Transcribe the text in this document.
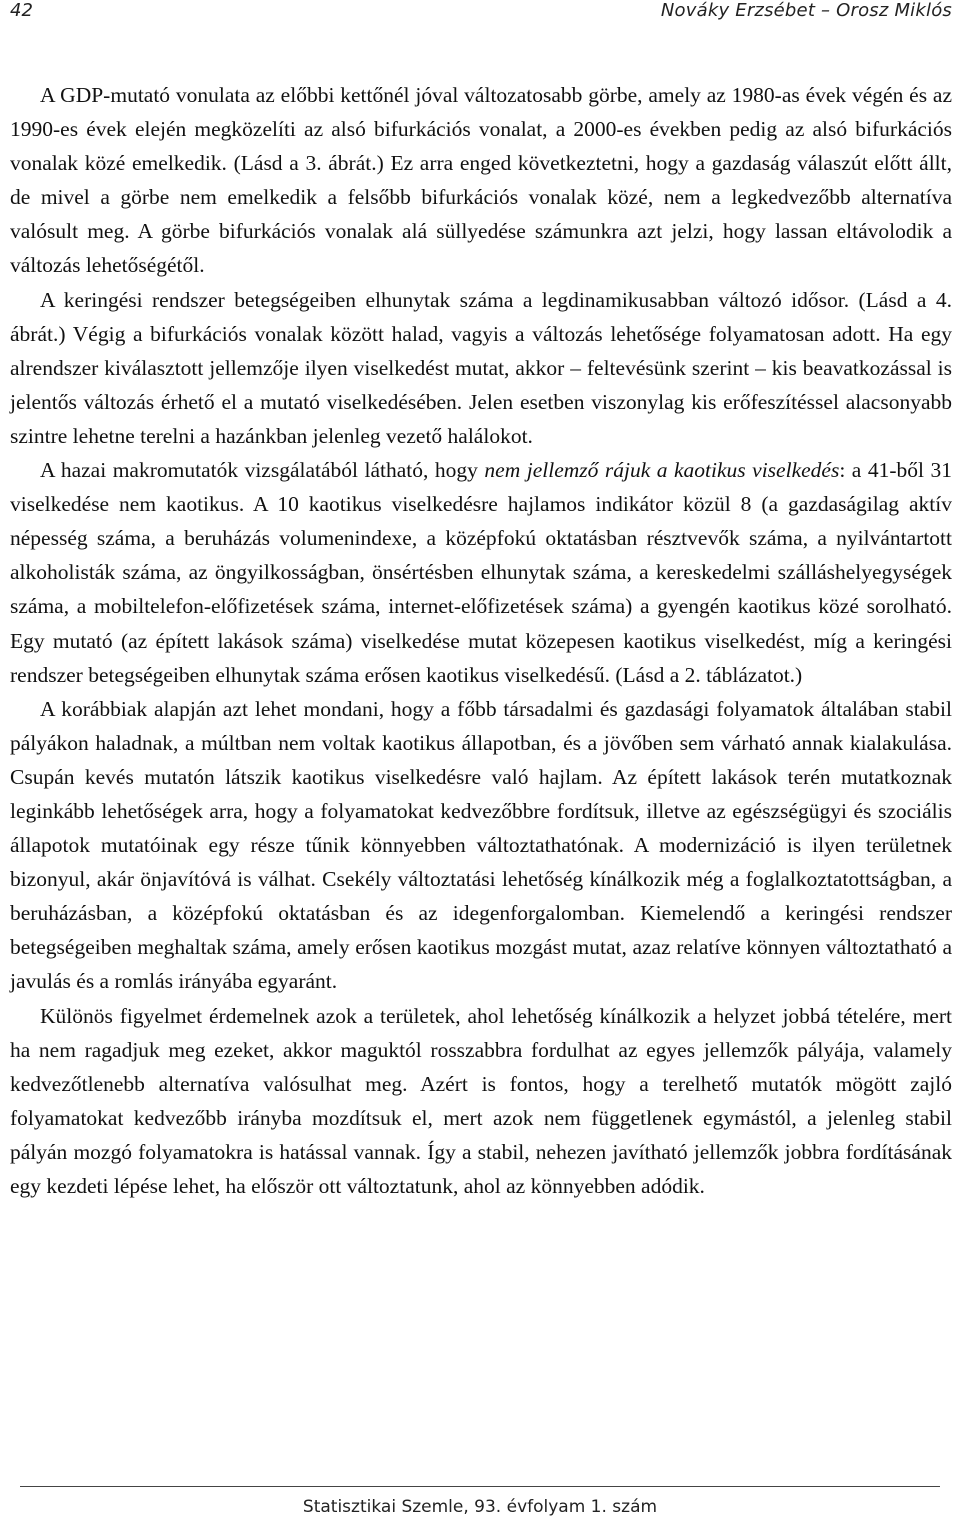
42	Nováky Erzsébet – Orosz Miklós

A GDP-mutató vonulata az előbbi kettőnél jóval változatosabb görbe, amely az 1980-as évek végén és az 1990-es évek elején megközelíti az alsó bifurkációs vonalat, a 2000-es években pedig az alsó bifurkációs vonalak közé emelkedik. (Lásd a 3. ábrát.) Ez arra enged következtetni, hogy a gazdaság válaszút előtt állt, de mivel a görbe nem emelkedik a felsőbb bifurkációs vonalak közé, nem a legkedvezőbb alternatíva valósult meg. A görbe bifurkációs vonalak alá süllyedése számunkra azt jelzi, hogy lassan eltávolodik a változás lehetőségétől.

A keringési rendszer betegségeiben elhunytak száma a legdinamikusabban változó idősor. (Lásd a 4. ábrát.) Végig a bifurkációs vonalak között halad, vagyis a változás lehetősége folyamatosan adott. Ha egy alrendszer kiválasztott jellemzője ilyen viselkedést mutat, akkor – feltevésünk szerint – kis beavatkozással is jelentős változás érhető el a mutató viselkedésében. Jelen esetben viszonylag kis erőfeszítéssel alacsonyabb szintre lehetne terelni a hazánkban jelenleg vezető halálokot.

A hazai makromutatók vizsgálatából látható, hogy nem jellemző rájuk a kaotikus viselkedés: a 41-ből 31 viselkedése nem kaotikus. A 10 kaotikus viselkedésre hajlamos indikátor közül 8 (a gazdaságilag aktív népesség száma, a beruházás volumenindexe, a középfokú oktatásban résztvevők száma, a nyilvántartott alkoholisták száma, az öngyilkosságban, önsértésben elhunytak száma, a kereskedelmi szálláshelyegységek száma, a mobiltelefon-előfizetések száma, internet-előfizetések száma) a gyengén kaotikus közé sorolható. Egy mutató (az épített lakások száma) viselkedése mutat közepesen kaotikus viselkedést, míg a keringési rendszer betegségeiben elhunytak száma erősen kaotikus viselkedésű. (Lásd a 2. táblázatot.)

A korábbiak alapján azt lehet mondani, hogy a főbb társadalmi és gazdasági folyamatok általában stabil pályákon haladnak, a múltban nem voltak kaotikus állapotban, és a jövőben sem várható annak kialakulása. Csupán kevés mutatón látszik kaotikus viselkedésre való hajlam. Az épített lakások terén mutatkoznak leginkább lehetőségek arra, hogy a folyamatokat kedvezőbbre fordítsuk, illetve az egészségügyi és szociális állapotok mutatóinak egy része tűnik könnyebben változtathatónak. A modernizáció is ilyen területnek bizonyul, akár önjavítóvá is válhat. Csekély változtatási lehetőség kínálkozik még a foglalkoztatottságban, a beruházásban, a középfokú oktatásban és az idegenforgalomban. Kiemelendő a keringési rendszer betegségeiben meghaltak száma, amely erősen kaotikus mozgást mutat, azaz relatíve könnyen változtatható a javulás és a romlás irányába egyaránt.

Különös figyelmet érdemelnek azok a területek, ahol lehetőség kínálkozik a helyzet jobbá tételére, mert ha nem ragadjuk meg ezeket, akkor maguktól rosszabbra fordulhat az egyes jellemzők pályája, valamely kedvezőtlenebb alternatíva valósulhat meg. Azért is fontos, hogy a terelhető mutatók mögött zajló folyamatokat kedvezőbb irányba mozdítsuk el, mert azok nem függetlenek egymástól, a jelenleg stabil pályán mozgó folyamatokra is hatással vannak. Így a stabil, nehezen javítható jellemzők jobbra fordításának egy kezdeti lépése lehet, ha először ott változtatunk, ahol az könnyebben adódik.

Statisztikai Szemle, 93. évfolyam 1. szám
